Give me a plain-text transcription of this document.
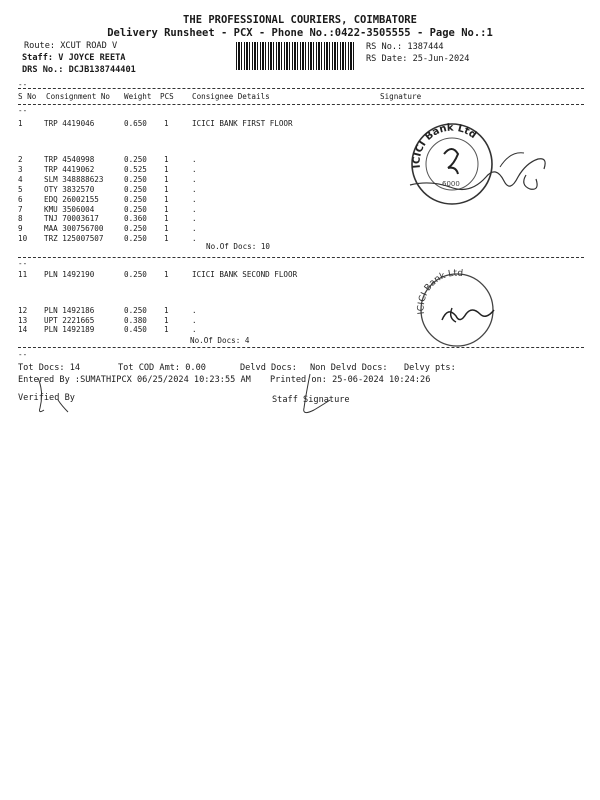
THE PROFESSIONAL COURIERS, COIMBATORE
Delivery Runsheet - PCX - Phone No.:0422-3505555 - Page No.:1
Route: XCUT ROAD V
Staff: V JOYCE REETA
DRS No.: DCJB138744401
RS No.: 1387444
RS Date: 25-Jun-2024
--
S No Consignment No Weight PCS Consignee Details	Signature
--
1	TRP 4419046	0.650 1	ICICI BANK FIRST FLOOR
2	TRP 4540998	0.250 1	.
3	TRP 4419062	0.525 1	.
4	SLM 348888623	0.250 1	.
5	OTY 3832570	0.250 1	.
6	EDQ 26002155	0.250 1	.
7	KMU 3506004	0.250 1	.
8	TNJ 70003617	0.360 1	.
9	MAA 300756700	0.250 1	.
10 TRZ 125007507	0.250 1	.
No.Of Docs: 10
ICICI Bank Ltd
6000
--
11 PLN 1492190	0.250 1	ICICI BANK SECOND FLOOR
12 PLN 1492186	0.250 1	.
13 UPT 2221665	0.380 1	.
14 PLN 1492189	0.450 1	.
No.Of Docs: 4
ICICI Bank Ltd
--
Tot Docs: 14	Tot COD Amt: 0.00	Delvd Docs: Non Delvd Docs: Delvy pts:
Entered By :SUMATHIPCX 06/25/2024 10:23:55 AM Printed on: 25-06-2024 10:24:26
Verified By	Staff Signature
